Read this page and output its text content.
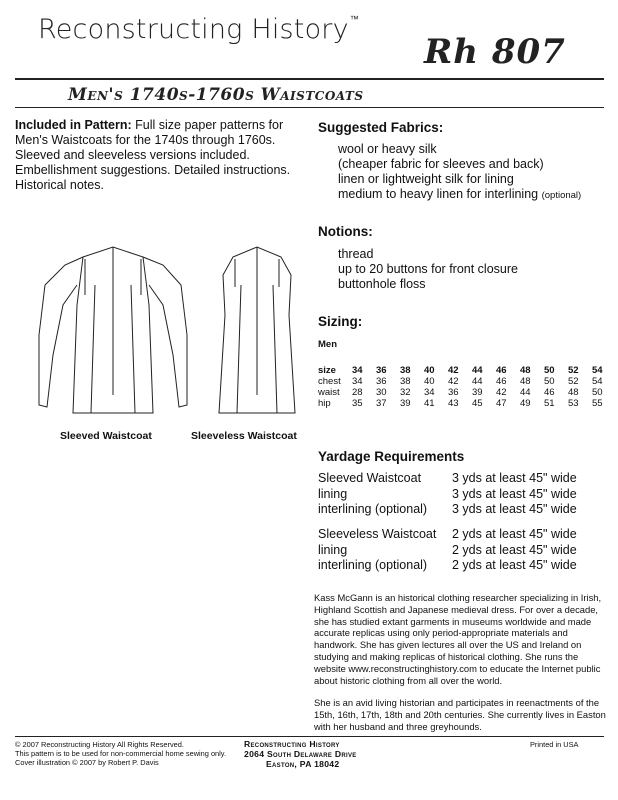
Reconstructing History™
Rh 807
Men's 1740s-1760s Waistcoats
Included in Pattern: Full size paper patterns for
Men's Waistcoats for the 1740s through 1760s.
Sleeved and sleeveless versions included.
Embellishment suggestions. Detailed instructions.
Historical notes.
Sleeved Waistcoat	Sleeveless Waistcoat
Suggested Fabrics:
wool or heavy silk
(cheaper fabric for sleeves and back)
linen or lightweight silk for lining
medium to heavy linen for interlining (optional)
Notions:
thread
up to 20 buttons for front closure
buttonhole floss
Sizing:
Men
size	34	36	38	40	42	44	46	48	50	52	54
chest	34	36	38	40	42	44	46	48	50	52	54
waist	28	30	32	34	36	39	42	44	46	48	50
hip	35	37	39	41	43	45	47	49	51	53	55
Yardage Requirements
Sleeved Waistcoat	3 yds at least 45" wide
lining	3 yds at least 45" wide
interlining (optional)	3 yds at least 45" wide
Sleeveless Waistcoat	2 yds at least 45" wide
lining	2 yds at least 45" wide
interlining (optional)	2 yds at least 45" wide

Kass McGann is an historical clothing researcher specializing in Irish, Highland Scottish and Japanese medieval dress. For over a decade, she has studied extant garments in museums worldwide and made accurate replicas using only period-appropriate materials and handwork. She has given lectures all over the US and Ireland on studying and making replicas of historical clothing. She runs the website www.reconstructinghistory.com to educate the Internet public about historic clothing from all over the world.

She is an avid living historian and participates in reenactments of the 15th, 16th, 17th, 18th and 20th centuries. She currently lives in Easton with her husband and three greyhounds.

© 2007 Reconstructing History All Rights Reserved.
This pattern is to be used for non-commercial home sewing only.
Cover illustration © 2007 by Robert P. Davis
Reconstructing History
2064 South Delaware Drive
Easton, PA 18042
Printed in USA
